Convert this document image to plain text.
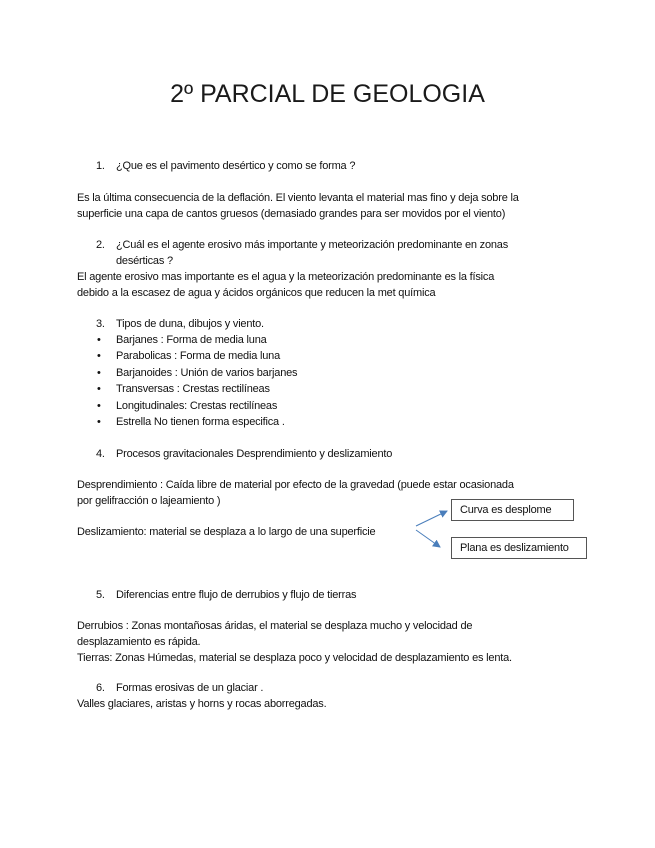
2º PARCIAL DE GEOLOGIA
1. ¿Que es el pavimento desértico y como se forma ?
Es la última consecuencia de la deflación. El viento levanta el material mas fino y deja sobre la
superficie una capa de cantos gruesos (demasiado grandes para ser movidos por el viento)
2. ¿Cuál es el agente erosivo más importante y meteorización predominante en zonas
desérticas ?
El agente erosivo mas importante es el agua y la meteorización predominante es la física
debido a la escasez de agua y ácidos orgánicos que reducen la met química
3. Tipos de duna, dibujos y viento.
• Barjanes : Forma de media luna
• Parabolicas : Forma de media luna
• Barjanoides : Unión de varios barjanes
• Transversas : Crestas rectilíneas
• Longitudinales: Crestas rectilíneas
• Estrella No tienen forma especifica .
4. Procesos gravitacionales Desprendimiento y deslizamiento
Desprendimiento : Caída libre de material por efecto de la gravedad (puede estar ocasionada
por gelifracción o lajeamiento )
Deslizamiento: material se desplaza a lo largo de una superficie
Curva es desplome
Plana es deslizamiento
5. Diferencias entre flujo de derrubios y flujo de tierras
Derrubios : Zonas montañosas áridas, el material se desplaza mucho y velocidad de
desplazamiento es rápida.
Tierras: Zonas Húmedas, material se desplaza poco y velocidad de desplazamiento es lenta.
6. Formas erosivas de un glaciar .
Valles glaciares, aristas y horns y rocas aborregadas.
